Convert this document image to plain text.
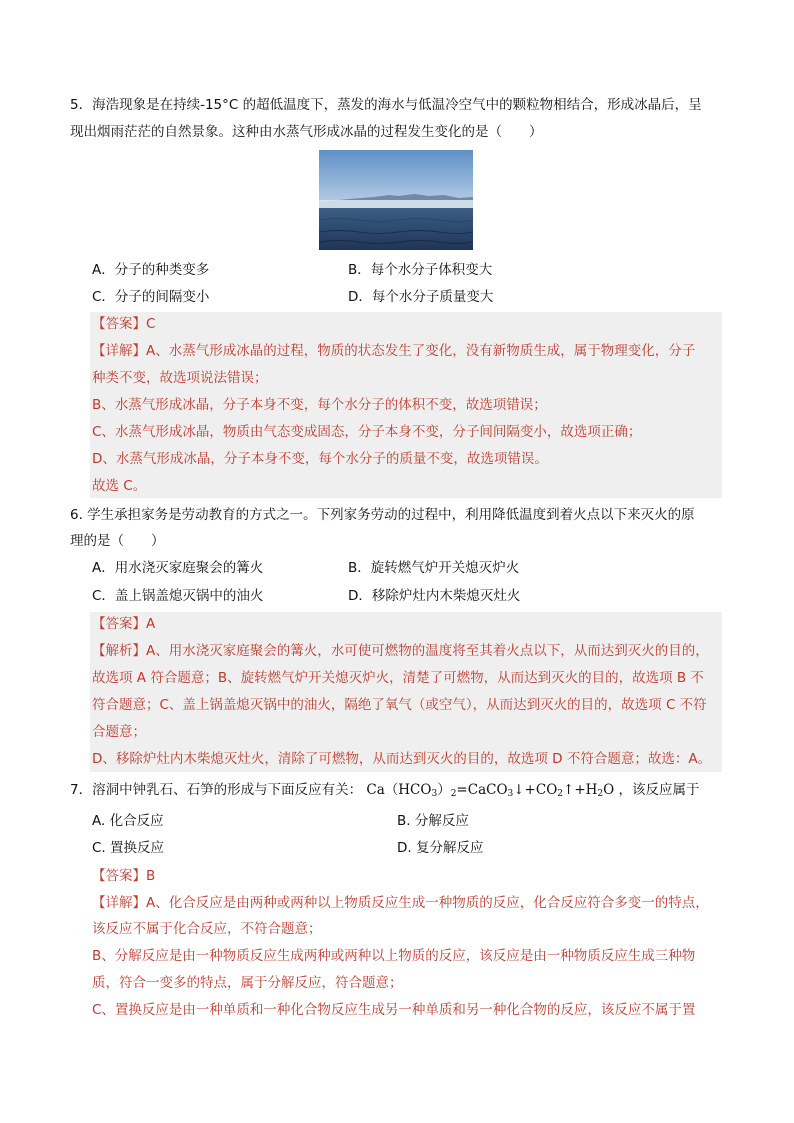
5．海浩现象是在持续-15°C 的超低温度下，蒸发的海水与低温冷空气中的颗粒物相结合，形成冰晶后，呈
现出烟雨茫茫的自然景象。这种由水蒸气形成冰晶的过程发生变化的是（　　）
A．分子的种类变多	B．每个水分子体积变大
C．分子的间隔变小	D．每个水分子质量变大
【答案】C
【详解】A、水蒸气形成冰晶的过程，物质的状态发生了变化，没有新物质生成，属于物理变化，分子
种类不变，故选项说法错误；
B、水蒸气形成冰晶，分子本身不变，每个水分子的体积不变，故选项错误；
C、水蒸气形成冰晶，物质由气态变成固态，分子本身不变，分子间间隔变小，故选项正确；
D、水蒸气形成冰晶，分子本身不变，每个水分子的质量不变，故选项错误。
故选 C。
6. 学生承担家务是劳动教育的方式之一。下列家务劳动的过程中，利用降低温度到着火点以下来灭火的原
理的是（　　）
A．用水浇灭家庭聚会的篝火	B．旋转燃气炉开关熄灭炉火
C．盖上锅盖熄灭锅中的油火	D．移除炉灶内木柴熄灭灶火
【答案】A
【解析】A、用水浇灭家庭聚会的篝火，水可使可燃物的温度将至其着火点以下，从而达到灭火的目的，
故选项 A 符合题意；B、旋转燃气炉开关熄灭炉火，清楚了可燃物，从而达到灭火的目的，故选项 B 不
符合题意；C、盖上锅盖熄灭锅中的油火，隔绝了氧气（或空气），从而达到灭火的目的，故选项 C 不符
合题意；
D、移除炉灶内木柴熄灭灶火，清除了可燃物，从而达到灭火的目的，故选项 D 不符合题意；故选：A。
7．溶洞中钟乳石、石笋的形成与下面反应有关： $Ca(HCO_3)_2=CaCO_3↓+CO_2↑+H_2O$ ，该反应属于
A. 化合反应	B. 分解反应
C. 置换反应	D. 复分解反应
【答案】B
【详解】A、化合反应是由两种或两种以上物质反应生成一种物质的反应，化合反应符合多变一的特点，
该反应不属于化合反应，不符合题意；
B、分解反应是由一种物质反应生成两种或两种以上物质的反应，该反应是由一种物质反应生成三种物
质，符合一变多的特点，属于分解反应，符合题意；
C、置换反应是由一种单质和一种化合物反应生成另一种单质和另一种化合物的反应，该反应不属于置
